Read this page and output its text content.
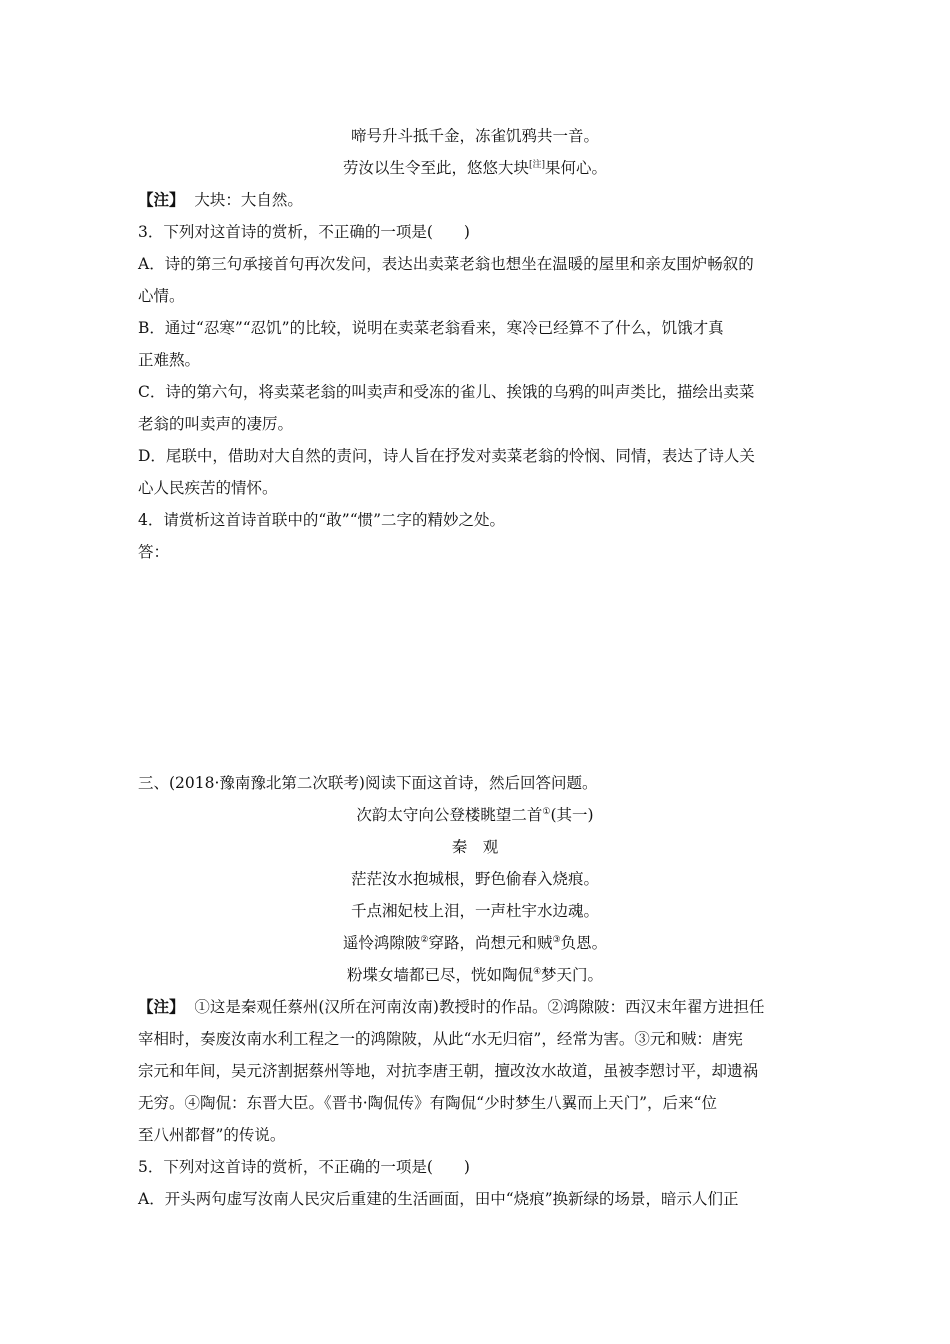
啼号升斗抵千金，冻雀饥鸦共一音。
劳汝以生令至此，悠悠大块[注]果何心。
【注】 大块：大自然。
3．下列对这首诗的赏析，不正确的一项是(　　)
A．诗的第三句承接首句再次发问，表达出卖菜老翁也想坐在温暖的屋里和亲友围炉畅叙的
心情。
B．通过“忍寒”“忍饥”的比较，说明在卖菜老翁看来，寒冷已经算不了什么，饥饿才真
正难熬。
C．诗的第六句，将卖菜老翁的叫卖声和受冻的雀儿、挨饿的乌鸦的叫声类比，描绘出卖菜
老翁的叫卖声的凄厉。
D．尾联中，借助对大自然的责问，诗人旨在抒发对卖菜老翁的怜悯、同情，表达了诗人关
心人民疾苦的情怀。
4．请赏析这首诗首联中的“敢”“惯”二字的精妙之处。
答：
三、(2018·豫南豫北第二次联考)阅读下面这首诗，然后回答问题。
次韵太守向公登楼眺望二首①(其一)
秦　观
茫茫汝水抱城根，野色偷春入烧痕。
千点湘妃枝上泪，一声杜宇水边魂。
遥怜鸿隙陂②穿路，尚想元和贼③负恩。
粉堞女墙都已尽，恍如陶侃④梦天门。
【注】 ①这是秦观任蔡州(汉所在河南汝南)教授时的作品。②鸿隙陂：西汉末年翟方进担任
宰相时，奏废汝南水利工程之一的鸿隙陂，从此“水无归宿”，经常为害。③元和贼：唐宪
宗元和年间，吴元济割据蔡州等地，对抗李唐王朝，擅改汝水故道，虽被李愬讨平，却遗祸
无穷。④陶侃：东晋大臣。《晋书·陶侃传》有陶侃“少时梦生八翼而上天门”，后来“位
至八州都督”的传说。
5．下列对这首诗的赏析，不正确的一项是(　　)
A．开头两句虚写汝南人民灾后重建的生活画面，田中“烧痕”换新绿的场景，暗示人们正
